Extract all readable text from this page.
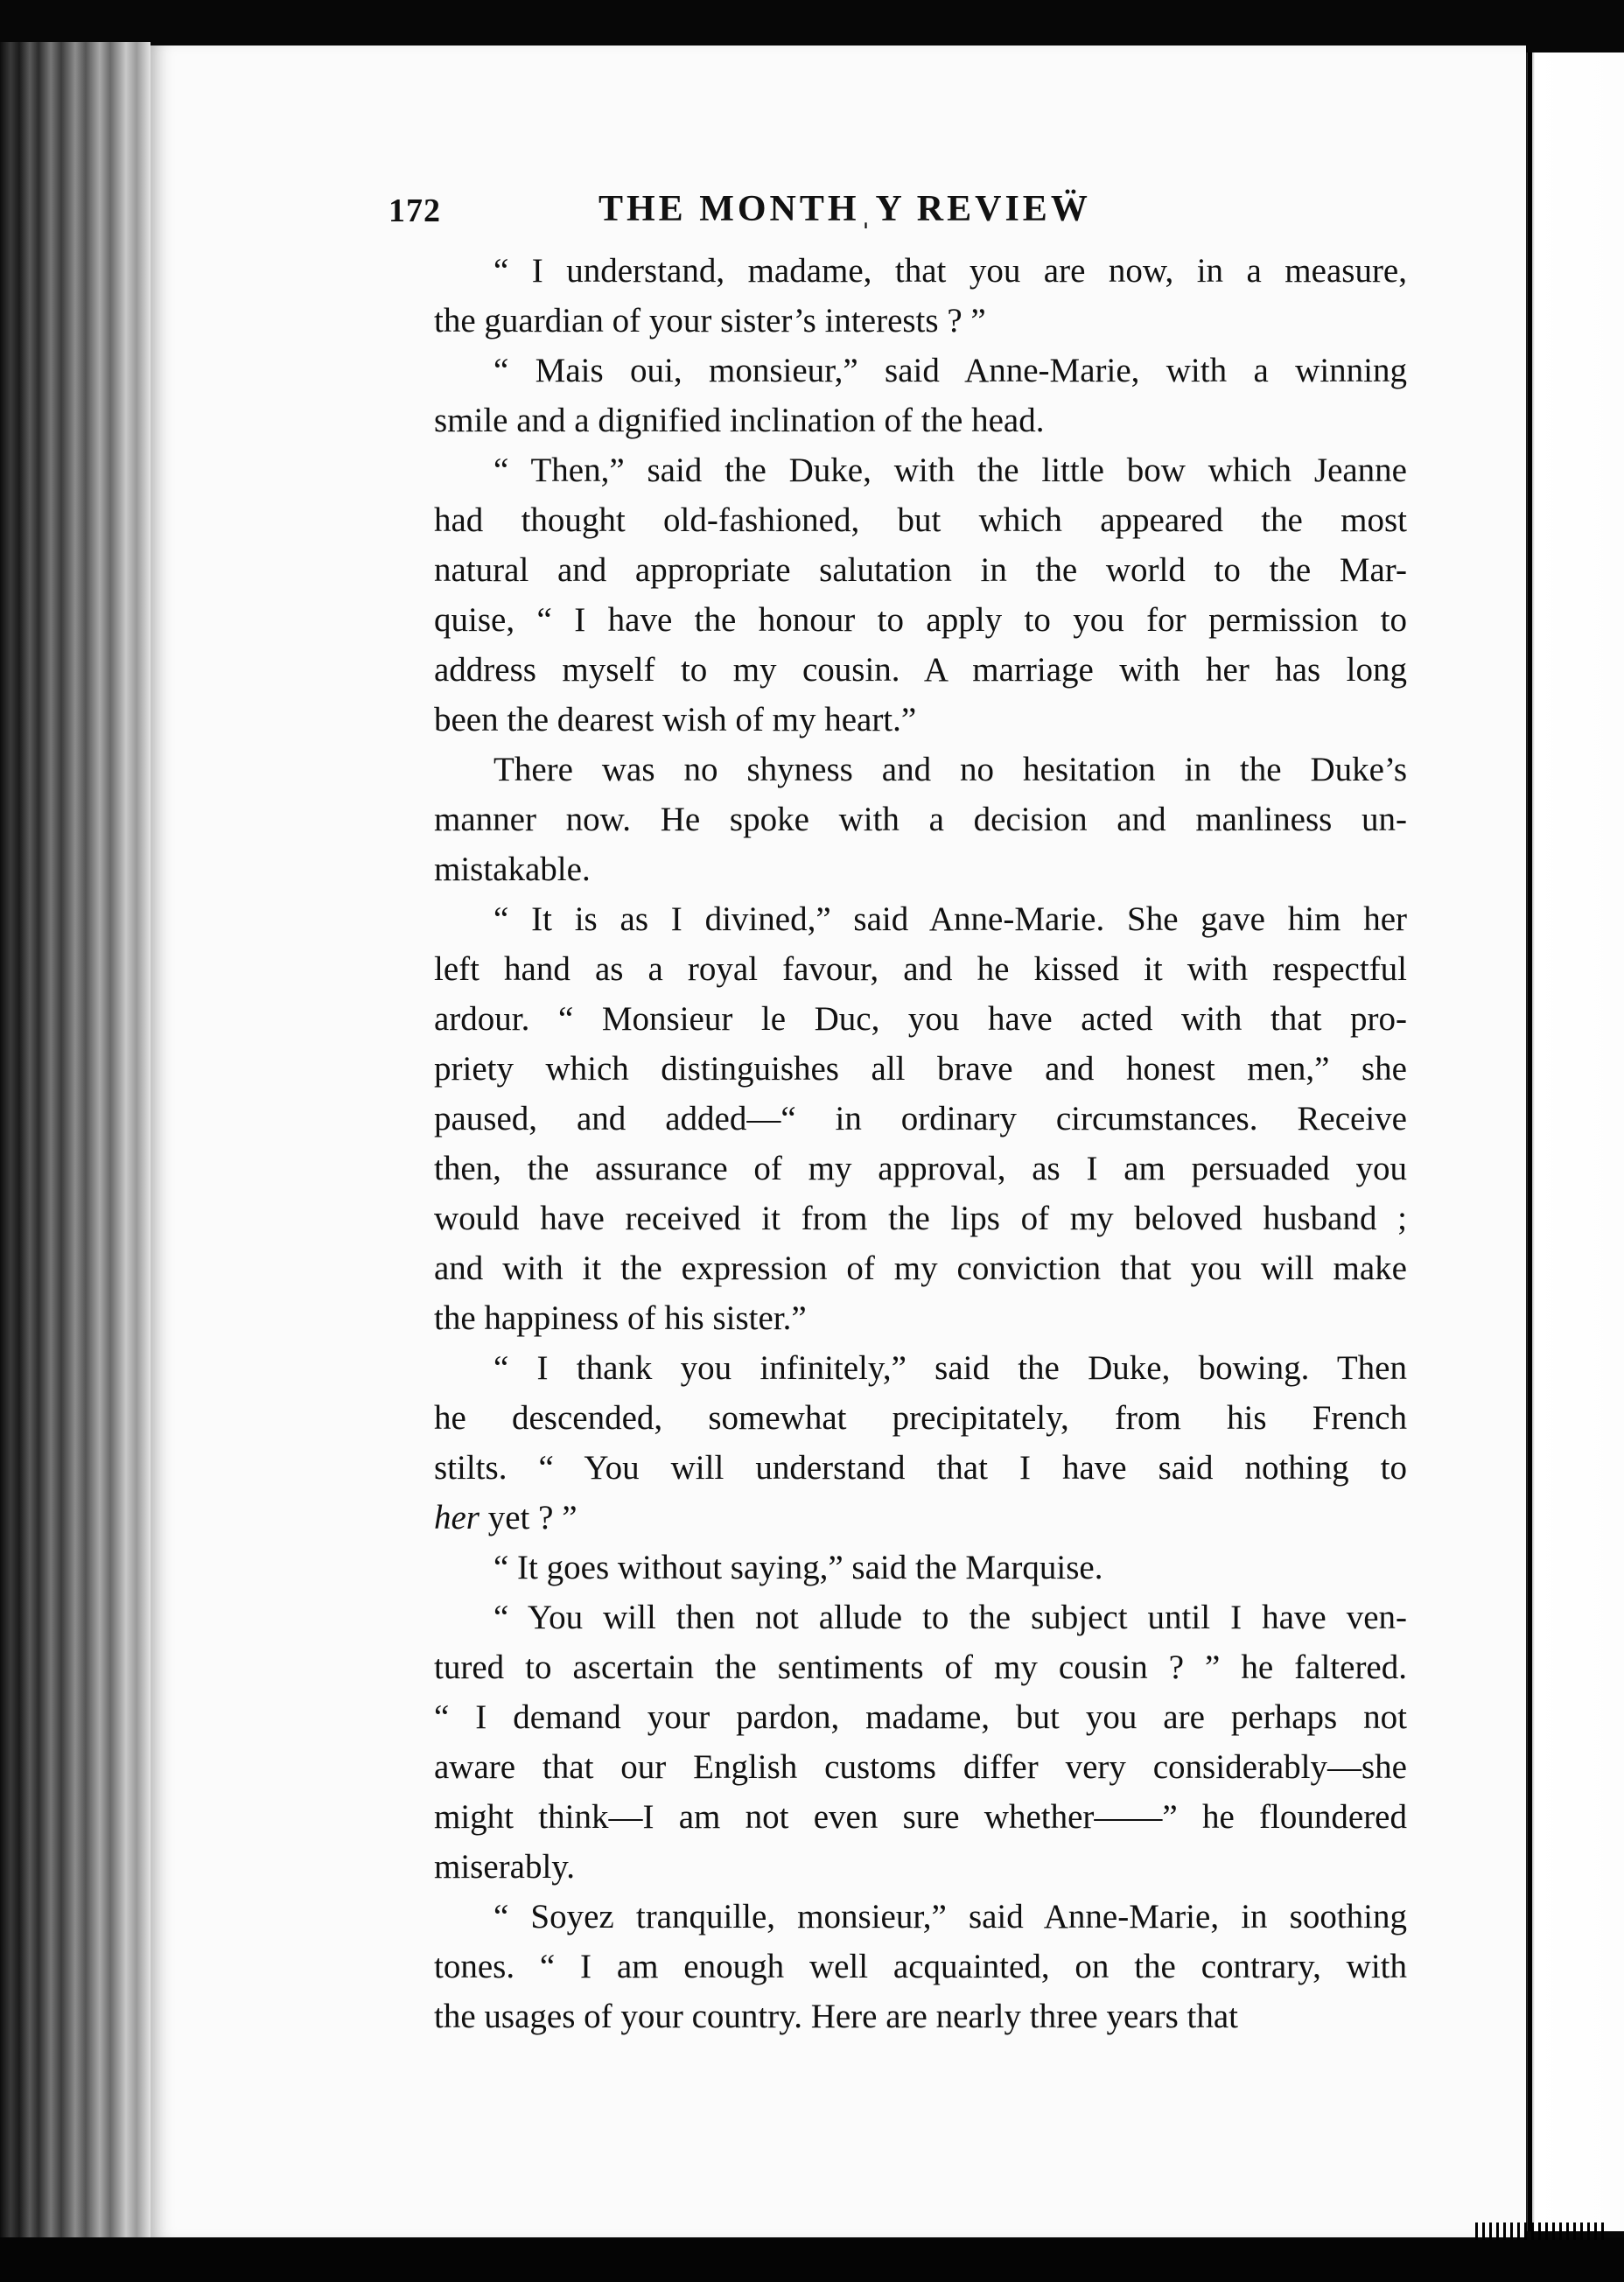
172	THE MONTHˌY REVIEẄ
“ I understand, madame, that you are now, in a measure,
the guardian of your sister’s interests ? ”
“ Mais oui, monsieur,” said Anne-Marie, with a winning
smile and a dignified inclination of the head.
“ Then,” said the Duke, with the little bow which Jeanne
had thought old-fashioned, but which appeared the most
natural and appropriate salutation in the world to the Mar-
quise, “ I have the honour to apply to you for permission to
address myself to my cousin. A marriage with her has long
been the dearest wish of my heart.”
There was no shyness and no hesitation in the Duke’s
manner now. He spoke with a decision and manliness un-
mistakable.
“ It is as I divined,” said Anne-Marie. She gave him her
left hand as a royal favour, and he kissed it with respectful
ardour. “ Monsieur le Duc, you have acted with that pro-
priety which distinguishes all brave and honest men,” she
paused, and added—“ in ordinary circumstances. Receive
then, the assurance of my approval, as I am persuaded you
would have received it from the lips of my beloved husband ;
and with it the expression of my conviction that you will make
the happiness of his sister.”
“ I thank you infinitely,” said the Duke, bowing. Then
he descended, somewhat precipitately, from his French
stilts. “ You will understand that I have said nothing to
her yet ? ”
“ It goes without saying,” said the Marquise.
“ You will then not allude to the subject until I have ven-
tured to ascertain the sentiments of my cousin ? ” he faltered.
“ I demand your pardon, madame, but you are perhaps not
aware that our English customs differ very considerably—she
might think—I am not even sure whether——” he floundered
miserably.
“ Soyez tranquille, monsieur,” said Anne-Marie, in soothing
tones. “ I am enough well acquainted, on the contrary, with
the usages of your country. Here are nearly three years that
